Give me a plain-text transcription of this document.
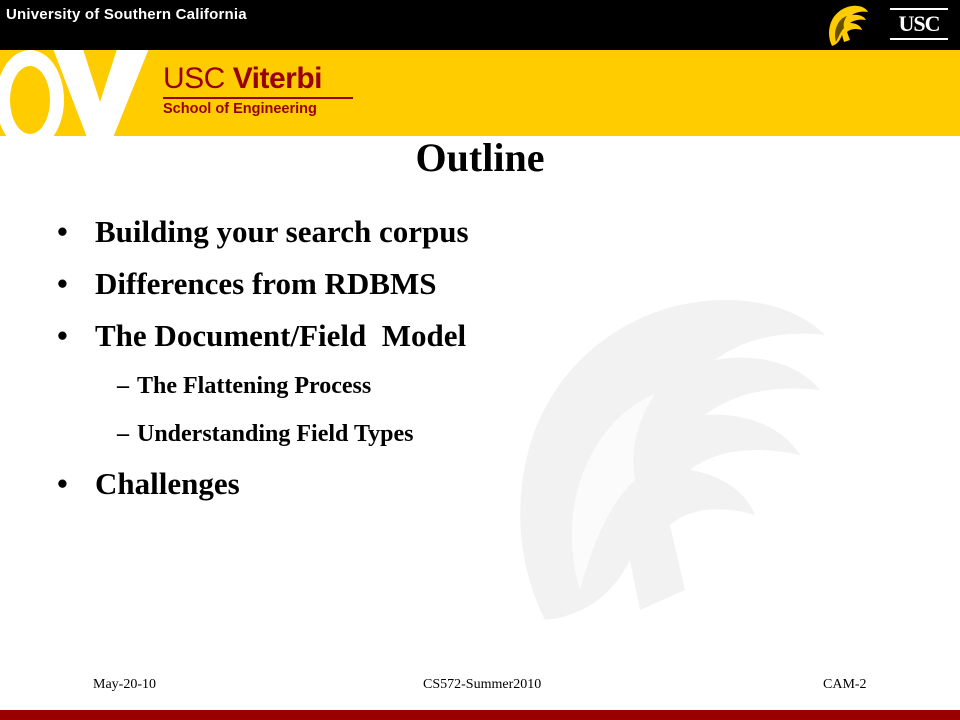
University of Southern California	USC
USC Viterbi
School of Engineering
Outline
• Building your search corpus
• Differences from RDBMS
• The Document/Field  Model
– The Flattening Process
– Understanding Field Types
• Challenges
May-20-10	CS572-Summer2010	CAM-2
